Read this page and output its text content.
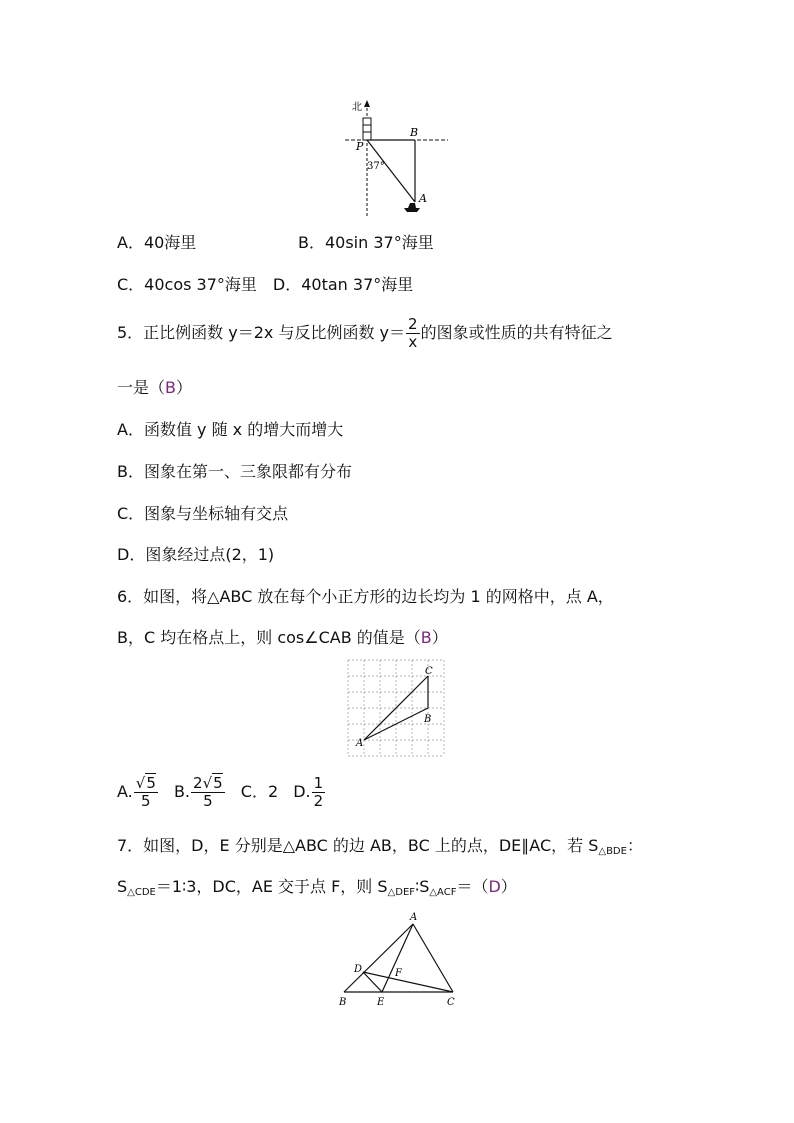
北
P
B
A
37°
A．40海里	B．40sin 37°海里
C．40cos 37°海里　D．40tan 37°海里
5．正比例函数 y＝2x 与反比例函数 $y= \frac{2}{x}$ 的图象或性质的共有特征之
一是（B）
A．函数值 y 随 x 的增大而增大
B．图象在第一、三象限都有分布
C．图象与坐标轴有交点
D．图象经过点(2，1)
6．如图，将△ABC 放在每个小正方形的边长均为 1 的网格中，点 A，
B，C 均在格点上，则 cos∠CAB 的值是（B）
A
B
C
A. $\frac{√5}{5} B$. $\frac{2√5}{5}$ C．2 D. $\frac{1}{2}$
7．如图，D，E 分别是△ABC 的边 AB，BC 上的点，DE∥AC，若 $S_{\triangle BDE}$：
$S_{\triangle CDE}=1∶3$，DC，AE 交于点 F，则 $S_{\triangle DEF}∶S_{\triangle ACF}=(D)$
A
B	C
D
E
F
